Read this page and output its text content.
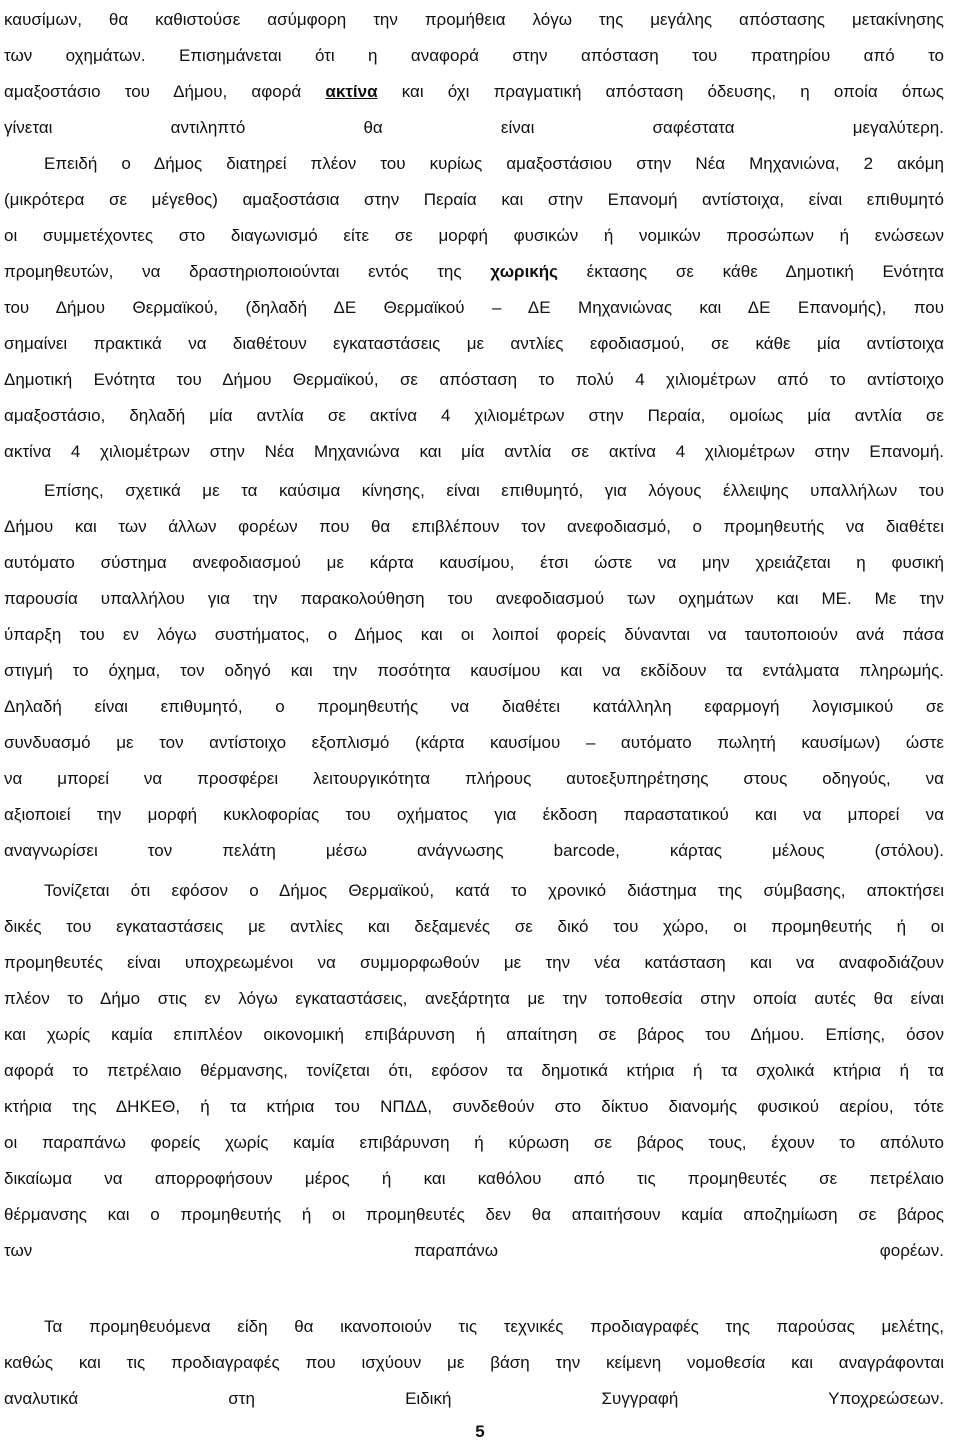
καυσίμων, θα καθιστούσε ασύμφορη την προμήθεια λόγω της μεγάλης απόστασης μετακίνησης
των οχημάτων. Επισημάνεται ότι η αναφορά στην απόσταση του πρατηρίου από το
αμαξοστάσιο του Δήμου, αφορά ακτίνα και όχι πραγματική απόσταση όδευσης, η οποία όπως
γίνεται αντιληπτό θα είναι σαφέστατα μεγαλύτερη.
Επειδή ο Δήμος διατηρεί πλέον του κυρίως αμαξοστάσιου στην Νέα Μηχανιώνα, 2 ακόμη
(μικρότερα σε μέγεθος) αμαξοστάσια στην Περαία και στην Επανομή αντίστοιχα, είναι επιθυμητό
οι συμμετέχοντες στο διαγωνισμό είτε σε μορφή φυσικών ή νομικών προσώπων ή ενώσεων
προμηθευτών, να δραστηριοποιούνται εντός της χωρικής έκτασης σε κάθε Δημοτική Ενότητα
του Δήμου Θερμαϊκού, (δηλαδή ΔΕ Θερμαϊκού – ΔΕ Μηχανιώνας και ΔΕ Επανομής), που
σημαίνει πρακτικά να διαθέτουν εγκαταστάσεις με αντλίες εφοδιασμού, σε κάθε μία αντίστοιχα
Δημοτική Ενότητα του Δήμου Θερμαϊκού, σε απόσταση το πολύ 4 χιλιομέτρων από το αντίστοιχο
αμαξοστάσιο, δηλαδή μία αντλία σε ακτίνα 4 χιλιομέτρων στην Περαία, ομοίως μία αντλία σε
ακτίνα 4 χιλιομέτρων στην Νέα Μηχανιώνα και μία αντλία σε ακτίνα 4 χιλιομέτρων στην Επανομή.
Επίσης, σχετικά με τα καύσιμα κίνησης, είναι επιθυμητό, για λόγους έλλειψης υπαλλήλων του
Δήμου και των άλλων φορέων που θα επιβλέπουν τον ανεφοδιασμό, ο προμηθευτής να διαθέτει
αυτόματο σύστημα ανεφοδιασμού με κάρτα καυσίμου, έτσι ώστε να μην χρειάζεται η φυσική
παρουσία υπαλλήλου για την παρακολούθηση του ανεφοδιασμού των οχημάτων και ΜΕ. Με την
ύπαρξη του εν λόγω συστήματος, ο Δήμος και οι λοιποί φορείς δύνανται να ταυτοποιούν ανά πάσα
στιγμή το όχημα, τον οδηγό και την ποσότητα καυσίμου και να εκδίδουν τα εντάλματα πληρωμής.
Δηλαδή είναι επιθυμητό, ο προμηθευτής να διαθέτει κατάλληλη εφαρμογή λογισμικού σε
συνδυασμό με τον αντίστοιχο εξοπλισμό (κάρτα καυσίμου – αυτόματο πωλητή καυσίμων) ώστε
να μπορεί να προσφέρει λειτουργικότητα πλήρους αυτοεξυπηρέτησης στους οδηγούς, να
αξιοποιεί την μορφή κυκλοφορίας του οχήματος για έκδοση παραστατικού και να μπορεί να
αναγνωρίσει τον πελάτη μέσω ανάγνωσης barcode, κάρτας μέλους (στόλου).
Τονίζεται ότι εφόσον ο Δήμος Θερμαϊκού, κατά το χρονικό διάστημα της σύμβασης, αποκτήσει
δικές του εγκαταστάσεις με αντλίες και δεξαμενές σε δικό του χώρο, οι προμηθευτής ή οι
προμηθευτές είναι υποχρεωμένοι να συμμορφωθούν με την νέα κατάσταση και να αναφοδιάζουν
πλέον το Δήμο στις εν λόγω εγκαταστάσεις, ανεξάρτητα με την τοποθεσία στην οποία αυτές θα είναι
και χωρίς καμία επιπλέον οικονομική επιβάρυνση ή απαίτηση σε βάρος του Δήμου. Επίσης, όσον
αφορά το πετρέλαιο θέρμανσης, τονίζεται ότι, εφόσον τα δημοτικά κτήρια ή τα σχολικά κτήρια ή τα
κτήρια της ΔΗΚΕΘ, ή τα κτήρια του ΝΠΔΔ, συνδεθούν στο δίκτυο διανομής φυσικού αερίου, τότε
οι παραπάνω φορείς χωρίς καμία επιβάρυνση ή κύρωση σε βάρος τους, έχουν το απόλυτο
δικαίωμα να απορροφήσουν μέρος ή και καθόλου από τις προμηθευτές σε πετρέλαιο
θέρμανσης και ο προμηθευτής ή οι προμηθευτές δεν θα απαιτήσουν καμία αποζημίωση σε βάρος
των παραπάνω φορέων.
Τα προμηθευόμενα είδη θα ικανοποιούν τις τεχνικές προδιαγραφές της παρούσας μελέτης,
καθώς και τις προδιαγραφές που ισχύουν με βάση την κείμενη νομοθεσία και αναγράφονται
αναλυτικά στη Ειδική Συγγραφή Υποχρεώσεων.
5
